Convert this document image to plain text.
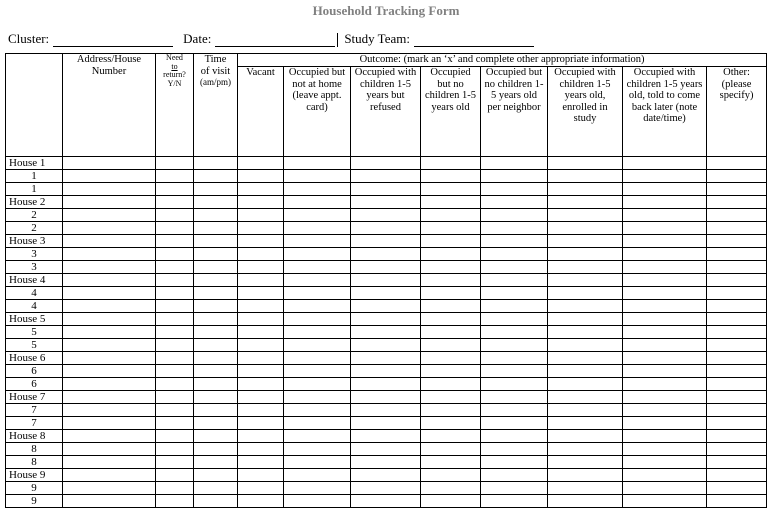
Household Tracking Form
Cluster:	Date:	Study Team:
	Address/House Number	Need
to
return?
Y/N	Time
of visit
(am/pm)	Outcome: (mark an ‘x’ and complete other appropriate information)							
				Vacant	Occupied but not at home (leave appt. card)	Occupied with children 1-5 years but refused	Occupied but no children 1-5 years old	Occupied but no children 1-5 years old per neighbor	Occupied with children 1-5 years old, enrolled in study	Occupied with children 1-5 years old, told to come back later (note date/time)	Other: (please specify)
House 1											
1											
1											
House 2											
2											
2											
House 3											
3											
3											
House 4											
4											
4											
House 5											
5											
5											
House 6											
6											
6											
House 7											
7											
7											
House 8											
8											
8											
House 9											
9											
9											
